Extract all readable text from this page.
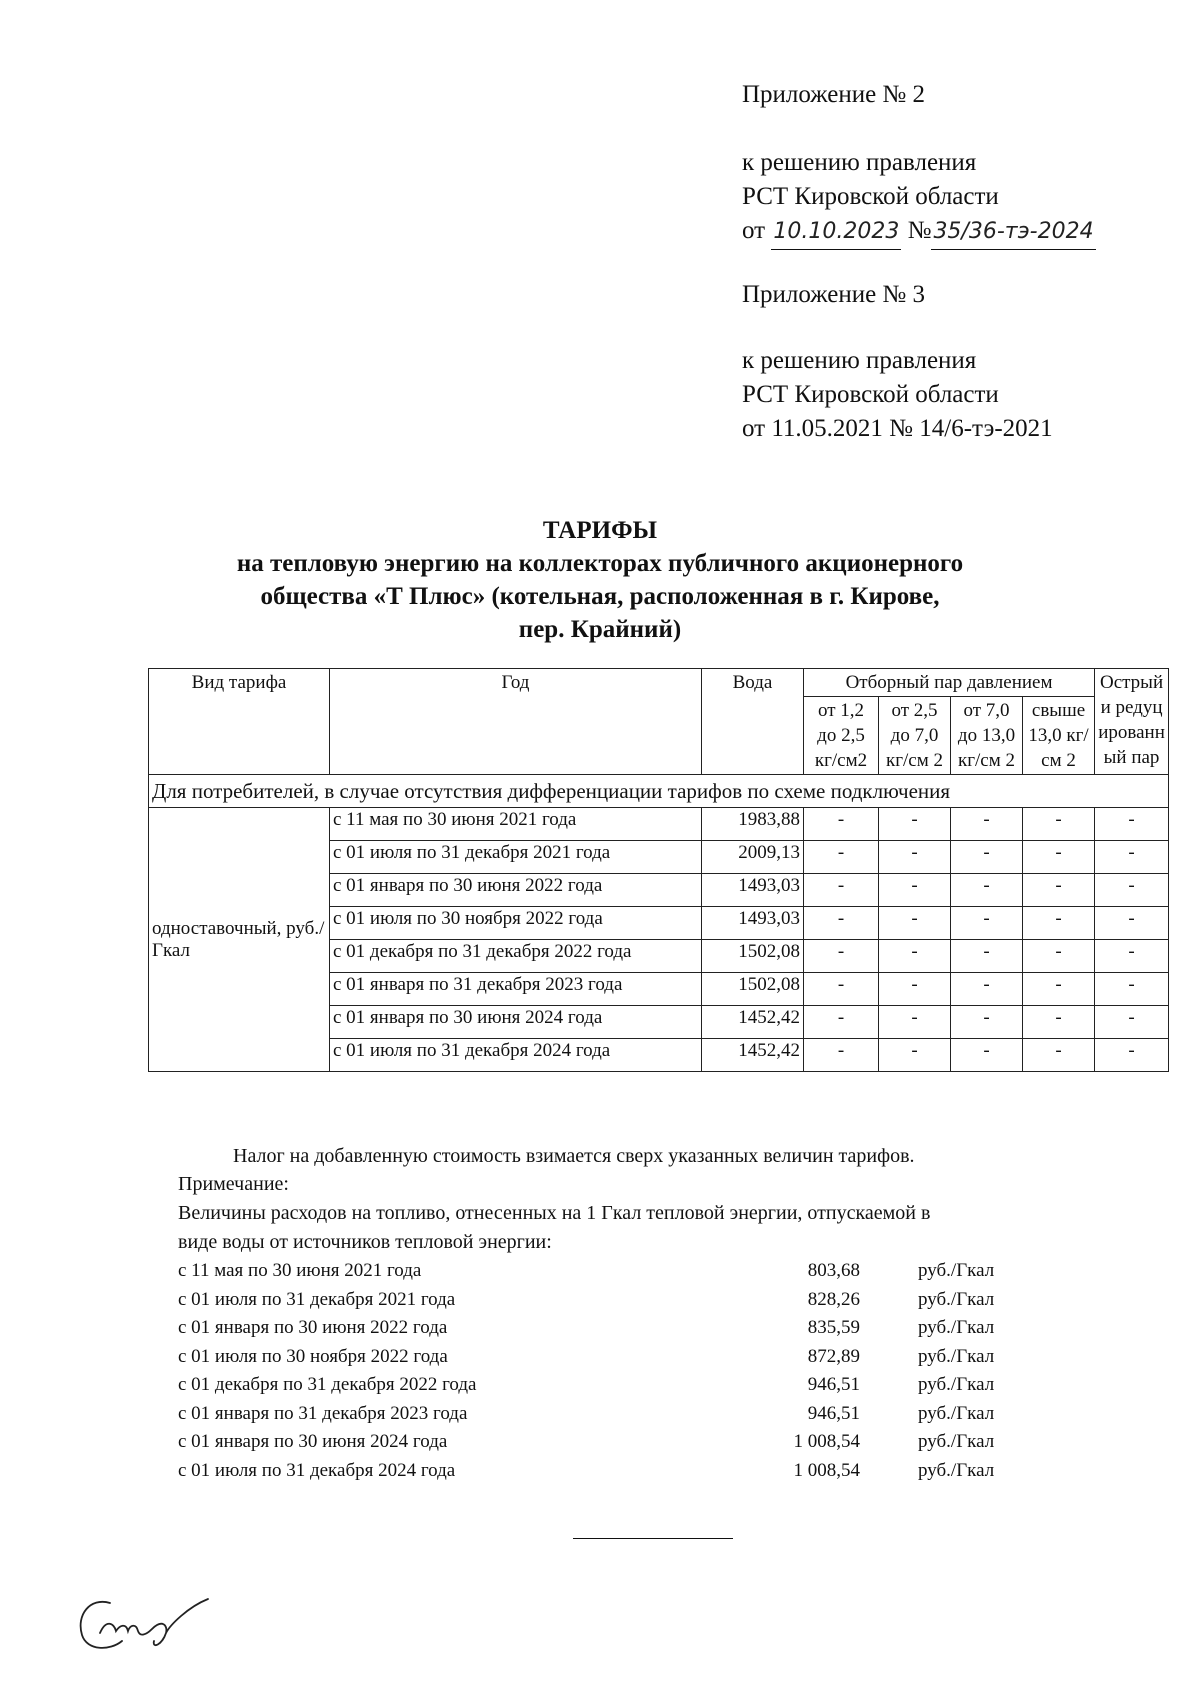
Приложение № 2
к решению правления
РСТ Кировской области
от 10.10.2023 №35/36-тэ-2024
Приложение № 3
к решению правления
РСТ Кировской области
от 11.05.2021 № 14/6-тэ-2021
ТАРИФЫ
на тепловую энергию на коллекторах публичного акционерного
общества «Т Плюс» (котельная, расположенная в г. Кирове,
пер. Крайний)
Вид тарифа	Год	Вода	Отборный пар давлением				Острый и редуцированный пар
			от 1,2 до 2,5 кг/см2	от 2,5 до 7,0 кг/см 2	от 7,0 до 13,0 кг/см 2	свыше 13,0 кг/см 2	
Для потребителей, в случае отсутствия дифференциации тарифов по схеме подключения							
одноставочный, руб./Гкал	с 11 мая по 30 июня 2021 года	1983,88	-	-	-	-	-
	с 01 июля по 31 декабря 2021 года	2009,13	-	-	-	-	-
	с 01 января по 30 июня 2022 года	1493,03	-	-	-	-	-
	с 01 июля по 30 ноября 2022 года	1493,03	-	-	-	-	-
	с 01 декабря по 31 декабря 2022 года	1502,08	-	-	-	-	-
	с 01 января по 31 декабря 2023 года	1502,08	-	-	-	-	-
	с 01 января по 30 июня 2024 года	1452,42	-	-	-	-	-
	с 01 июля по 31 декабря 2024 года	1452,42	-	-	-	-	-
Налог на добавленную стоимость взимается сверх указанных величин тарифов.
Примечание:
Величины расходов на топливо, отнесенных на 1 Гкал тепловой энергии, отпускаемой в
виде воды от источников тепловой энергии:
с 11 мая по 30 июня 2021 года	803,68	руб./Гкал
с 01 июля по 31 декабря 2021 года	828,26	руб./Гкал
с 01 января по 30 июня 2022 года	835,59	руб./Гкал
с 01 июля по 30 ноября 2022 года	872,89	руб./Гкал
с 01 декабря по 31 декабря 2022 года	946,51	руб./Гкал
с 01 января по 31 декабря 2023 года	946,51	руб./Гкал
с 01 января по 30 июня 2024 года	1 008,54	руб./Гкал
с 01 июля по 31 декабря 2024 года	1 008,54	руб./Гкал
